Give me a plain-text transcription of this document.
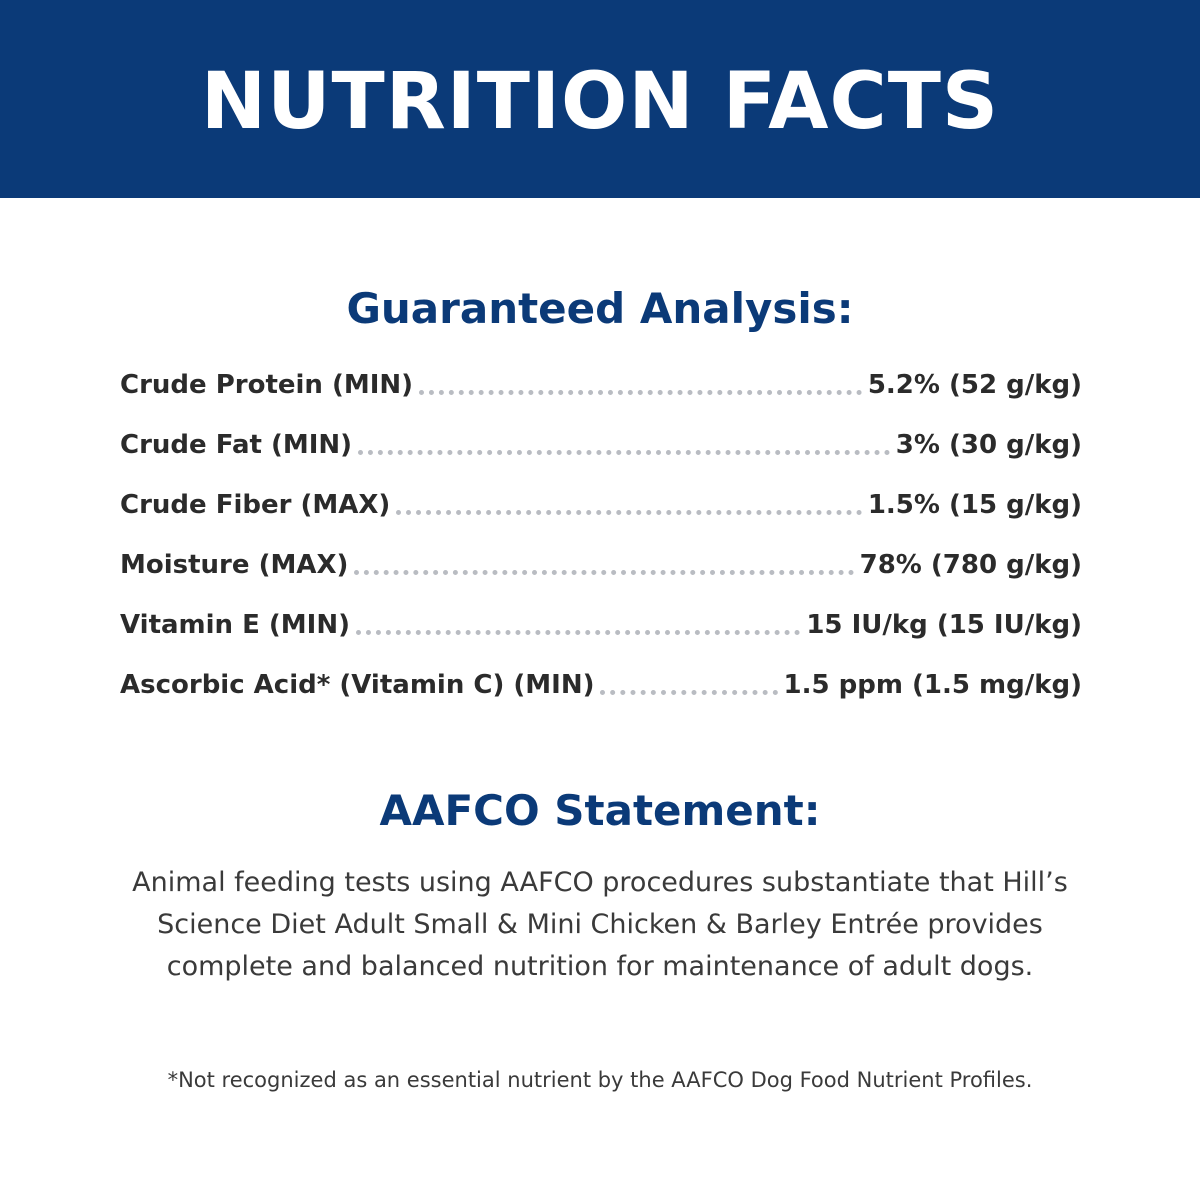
NUTRITION FACTS
Guaranteed Analysis:
Crude Protein (MIN)	5.2% (52 g/kg)
Crude Fat (MIN)	3% (30 g/kg)
Crude Fiber (MAX)	1.5% (15 g/kg)
Moisture (MAX)	78% (780 g/kg)
Vitamin E (MIN)	15 IU/kg (15 IU/kg)
Ascorbic Acid* (Vitamin C) (MIN)	1.5 ppm (1.5 mg/kg)
AAFCO Statement:
Animal feeding tests using AAFCO procedures substantiate that Hill’s
Science Diet Adult Small & Mini Chicken & Barley Entrée provides
complete and balanced nutrition for maintenance of adult dogs.
*Not recognized as an essential nutrient by the AAFCO Dog Food Nutrient Profiles.
